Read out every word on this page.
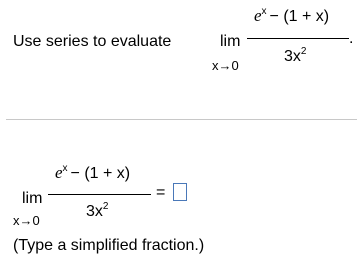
Use series to evaluate	lim
x→0
$e^x - (1 + x)$
$3x^2$
.
lim
x→0
$e^x - (1 + x)$
$3x^2$
=
(Type a simplified fraction.)
